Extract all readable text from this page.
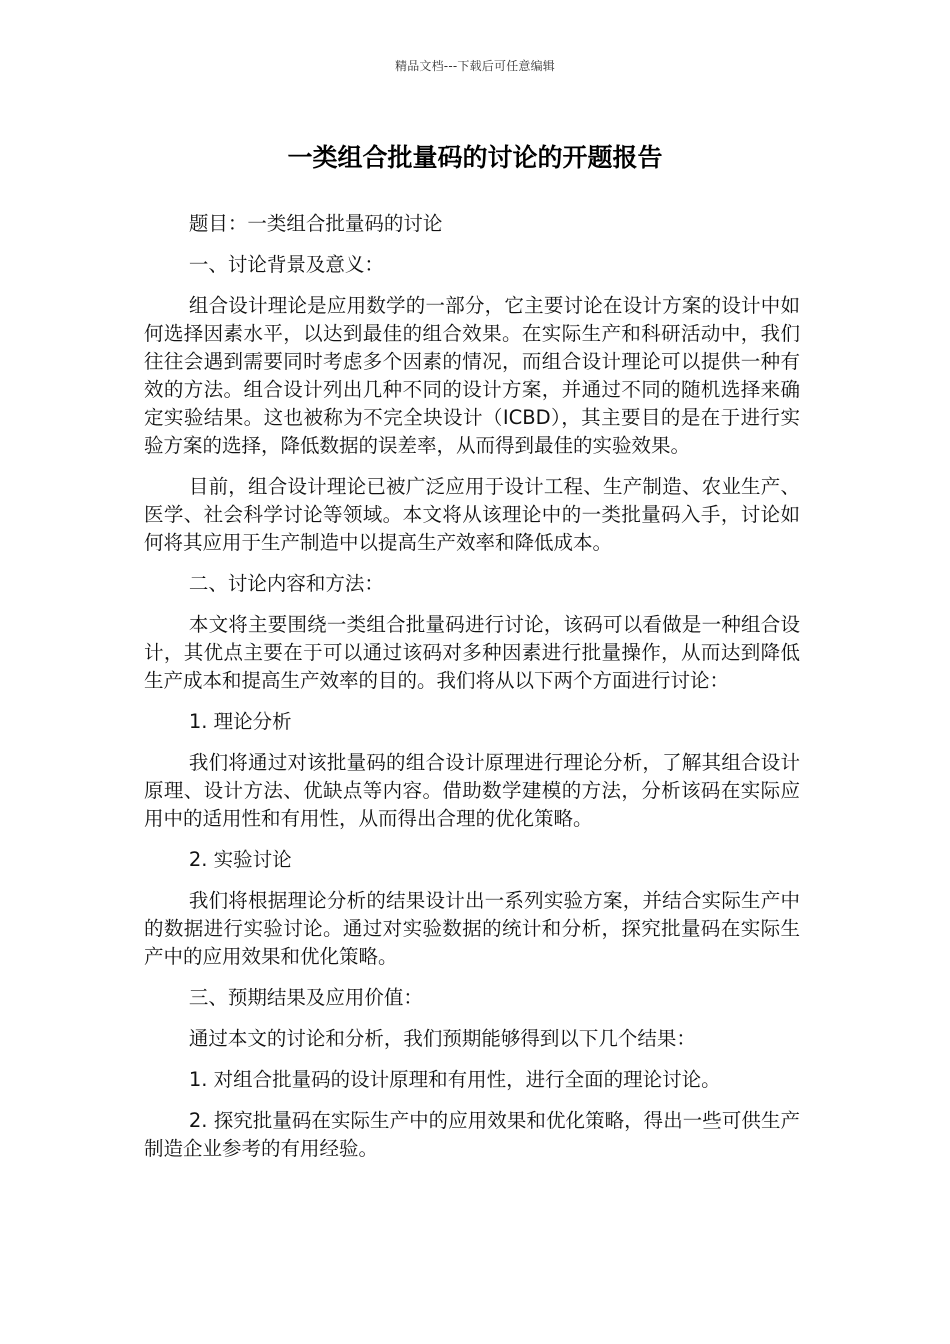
精品文档---下载后可任意编辑
一类组合批量码的讨论的开题报告

题目：一类组合批量码的讨论

一、讨论背景及意义：

组合设计理论是应用数学的一部分，它主要讨论在设计方案的设计中如何选择因素水平，以达到最佳的组合效果。在实际生产和科研活动中，我们往往会遇到需要同时考虑多个因素的情况，而组合设计理论可以提供一种有效的方法。组合设计列出几种不同的设计方案，并通过不同的随机选择来确定实验结果。这也被称为不完全块设计（ICBD），其主要目的是在于进行实验方案的选择，降低数据的误差率，从而得到最佳的实验效果。

目前，组合设计理论已被广泛应用于设计工程、生产制造、农业生产、医学、社会科学讨论等领域。本文将从该理论中的一类批量码入手，讨论如何将其应用于生产制造中以提高生产效率和降低成本。

二、讨论内容和方法：

本文将主要围绕一类组合批量码进行讨论，该码可以看做是一种组合设计，其优点主要在于可以通过该码对多种因素进行批量操作，从而达到降低生产成本和提高生产效率的目的。我们将从以下两个方面进行讨论：

1. 理论分析

我们将通过对该批量码的组合设计原理进行理论分析，了解其组合设计原理、设计方法、优缺点等内容。借助数学建模的方法，分析该码在实际应用中的适用性和有用性，从而得出合理的优化策略。

2. 实验讨论

我们将根据理论分析的结果设计出一系列实验方案，并结合实际生产中的数据进行实验讨论。通过对实验数据的统计和分析，探究批量码在实际生产中的应用效果和优化策略。

三、预期结果及应用价值：

通过本文的讨论和分析，我们预期能够得到以下几个结果：

1. 对组合批量码的设计原理和有用性，进行全面的理论讨论。

2. 探究批量码在实际生产中的应用效果和优化策略，得出一些可供生产制造企业参考的有用经验。
